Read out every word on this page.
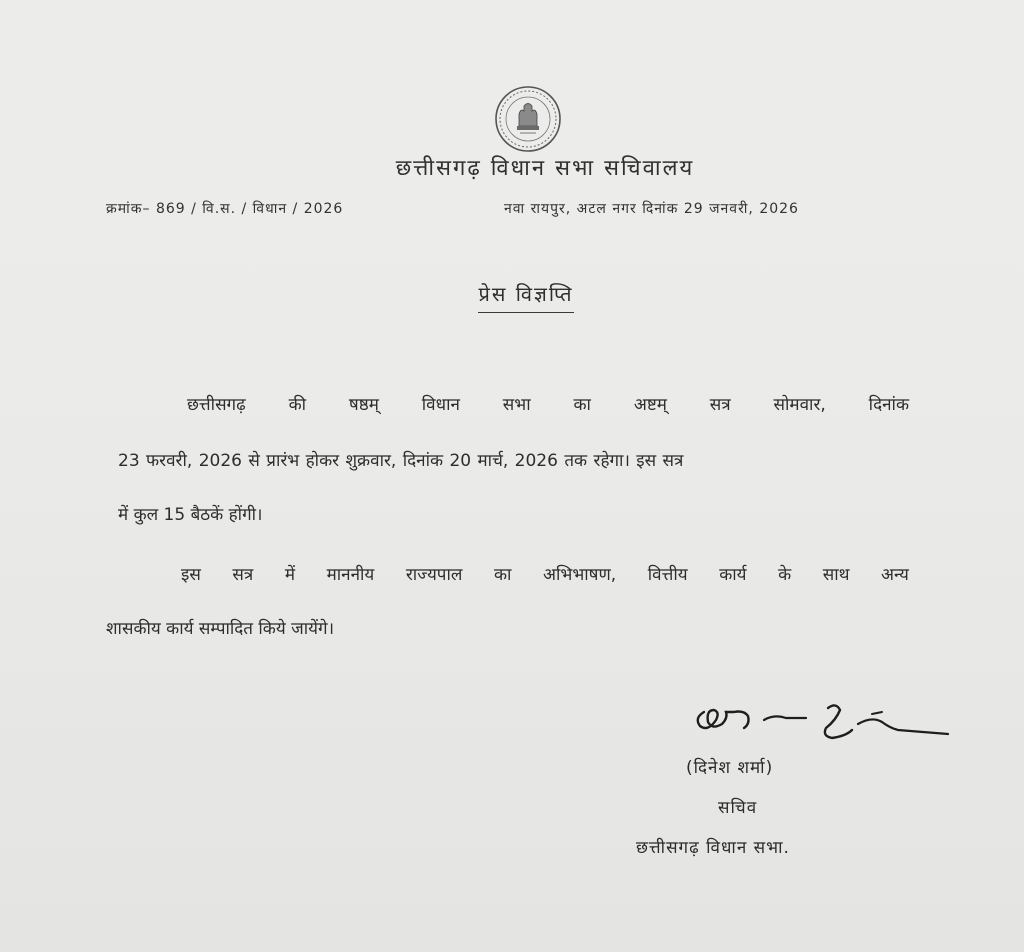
छत्तीसगढ़ विधान सभा सचिवालय
क्रमांक– 869 / वि.स. / विधान / 2026	नवा रायपुर, अटल नगर दिनांक 29 जनवरी, 2026
प्रेस विज्ञप्ति
छत्तीसगढ़	की	षष्ठम्	विधान	सभा	का	अष्टम्	सत्र	सोमवार,	दिनांक
23 फरवरी, 2026 से प्रारंभ होकर शुक्रवार, दिनांक 20 मार्च, 2026 तक रहेगा। इस सत्र
में कुल 15 बैठकें होंगी।
इस सत्र में माननीय राज्यपाल का अभिभाषण, वित्तीय कार्य के साथ अन्य
शासकीय कार्य सम्पादित किये जायेंगे।
(दिनेश शर्मा)
सचिव
छत्तीसगढ़ विधान सभा.
